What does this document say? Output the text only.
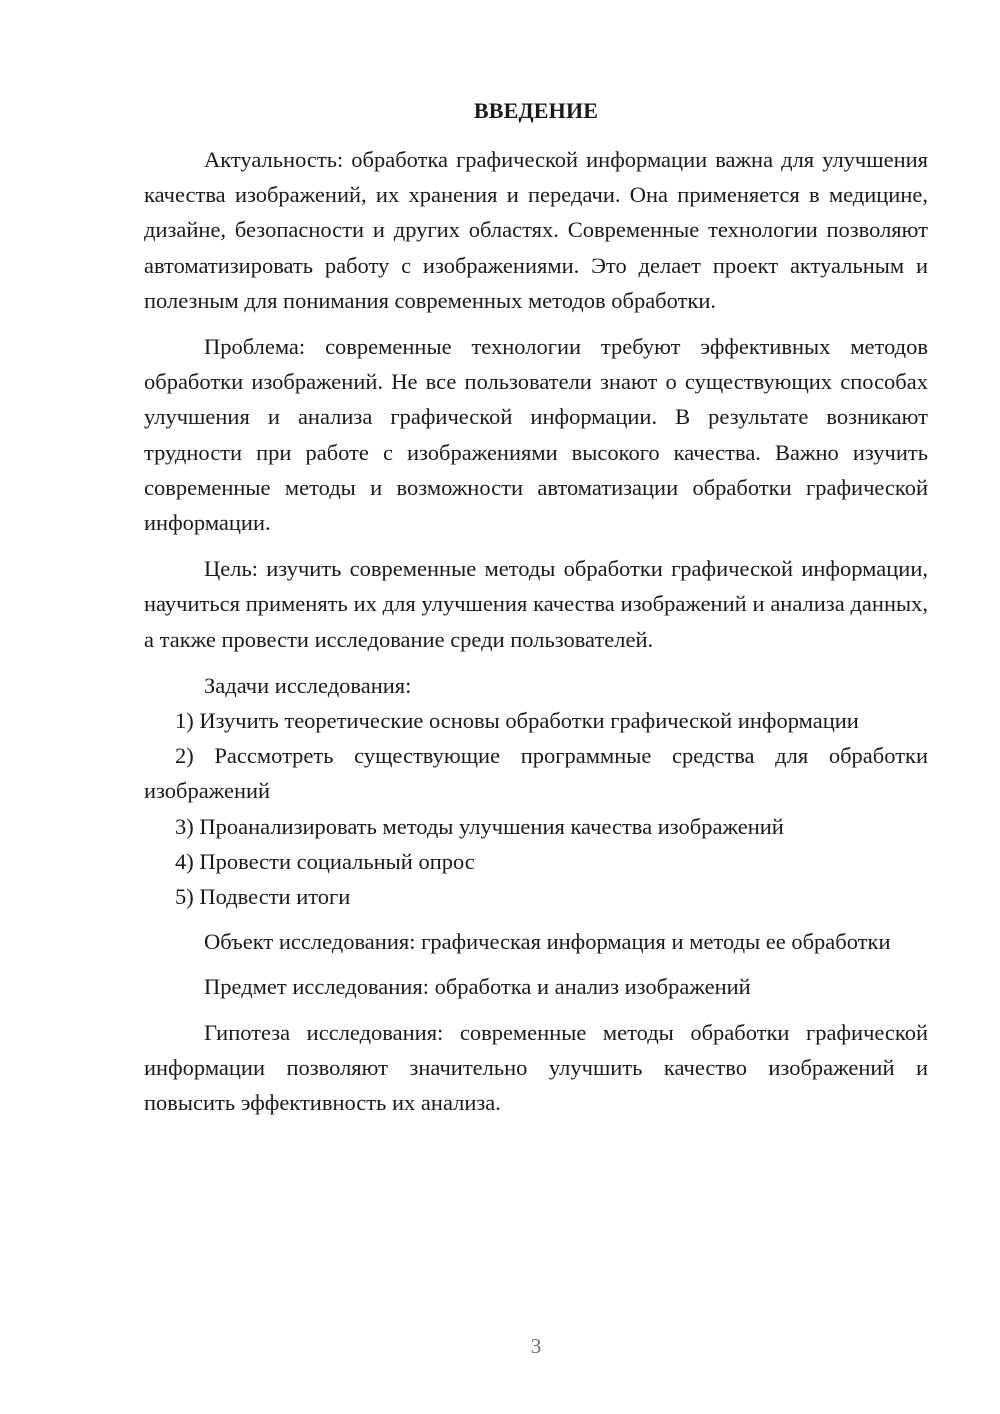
ВВЕДЕНИЕ

Актуальность: обработка графической информации важна для улучшения качества изображений, их хранения и передачи. Она применяется в медицине, дизайне, безопасности и других областях. Современные технологии позволяют автоматизировать работу с изображениями. Это делает проект актуальным и полезным для понимания современных методов обработки.

Проблема: современные технологии требуют эффективных методов обработки изображений. Не все пользователи знают о существующих способах улучшения и анализа графической информации. В результате возникают трудности при работе с изображениями высокого качества. Важно изучить современные методы и возможности автоматизации обработки графической информации.

Цель: изучить современные методы обработки графической информации, научиться применять их для улучшения качества изображений и анализа данных, а также провести исследование среди пользователей.

Задачи исследования:

1) Изучить теоретические основы обработки графической информации

2) Рассмотреть существующие программные средства для обработки изображений

3) Проанализировать методы улучшения качества изображений

4) Провести социальный опрос

5) Подвести итоги

Объект исследования: графическая информация и методы ее обработки

Предмет исследования: обработка и анализ изображений

Гипотеза исследования: современные методы обработки графической информации позволяют значительно улучшить качество изображений и повысить эффективность их анализа.

3
